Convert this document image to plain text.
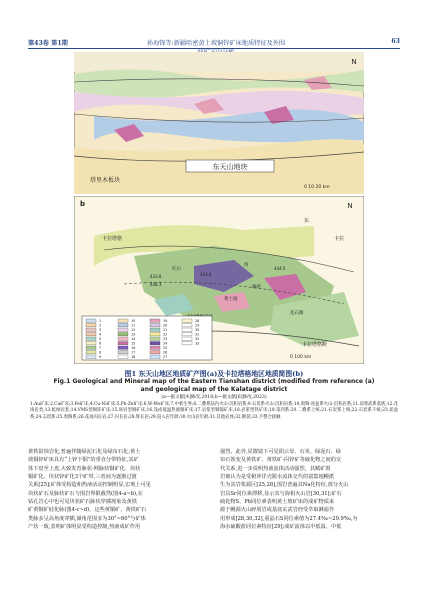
第43卷 第1期	孙海锋等:新疆哈密黄土坡铜锌矿床地质特征及外围	63
东天山地块
塔里木板块
N
0 10 20 km
b	N
卡拉塔格
东
卡拉
红石
西
梅岭
黄土坡
乱石滩
433.8
448.3
443.4
444.5
卡拉塔格断
0 100 km
1
2
3
4
5
6
7
8
9
10
11
12
13
14
15
16
17
18
19
20
21
22
23
24
25
26
27
28
29
30
31
32
33
图1 东天山地区地质矿产图(a)及卡拉塔格地区地质简图(b)
Fig.1 Geological and Mineral map of the Eastern Tianshan district (modified from reference (a)
and geological map of the Kalatage district
(a—据文献[4]修改,2018;b—据文献[6]修改,2023)
1.Au矿床;2.Cu矿床;3.Fe矿床;4.Cu-Ni矿床;5.Pb-Zn矿床;6.W-Mo矿床;7.中新生界;8.二叠系陆内火山-沉积岩系;9.石炭系火山-沉积岩系;10.奥陶-泥盆系火山-沉积岩系;11.前寒武系基底;12.花岗岩类;13.蛇绿岩套;14.VMS型铜锌矿床;15.斑岩型铜矿床;16.浅成低温热液铜矿床;17.岩浆型铜镍矿床;18.岩浆型铁矿床;19.第四系;20.二叠系上统;21.石炭系上统;22.石炭系下统;23.泥盆系;24.志留系;25.奥陶系;26.花岗闪长岩;27.闪长岩;28.辉长岩;29.侵入岩年龄;30.火山岩年龄;31.其他岩体;32.断裂;33.不整合接触
黄铁铅蚀岩化,普遍伴随绿泥石化及绿帘石化;黄土
坡铜锌矿床具有“上锌下铜”的垂直分带特征,其矿
体下盘至上盘,大致发育脉状-网脉状铜矿化、块状
铜矿化、块状锌矿化3个矿带,三者间为逐渐过渡
关系[25];矿体受构造和热液活动控制明显,宏观上可见
块状矿石及脉状矿石与围岩界限截然(图4-a~b),在
钻孔岩心中也可见块状矿石脉状穿插现象及黄铁
矿黄铜矿硅化脉(图4-c~d)。这些黄铜矿、黄铁矿石
类脉多呈高角度穿插,倾角范围多为30°~60°与矿体
产状一致,表明矿体明显受构造控制,热液成矿作用
强烈。此外,显微镜下可见阳云母、石英、绿泥石、绿
帘石蚀变及黄铁矿、黄铁矿-闪锌矿等硫化物之间的交
代关系,进一步说明热液流体活动强烈。其赋矿围
岩被认为是受俯冲洋壳脱水流体交代的富集地幔派
生为其岩浆源区[25,28],围岩普遍具Na化特征,部分火山
岩具Sr同位素漂移,显示其与海相火山岩[30,31];矿石
硫化物S、Pb同位素表明黄土坡矿床的成矿物质来
源于幔源火山碎屑岩或基底玄武岩经受萃取淋滤作
用形成[28,30,32],重晶石S同位素值为27.4‰~29.9‰,为
海水硫酸盐同位素特征[29];成矿流体以中低温、中低
